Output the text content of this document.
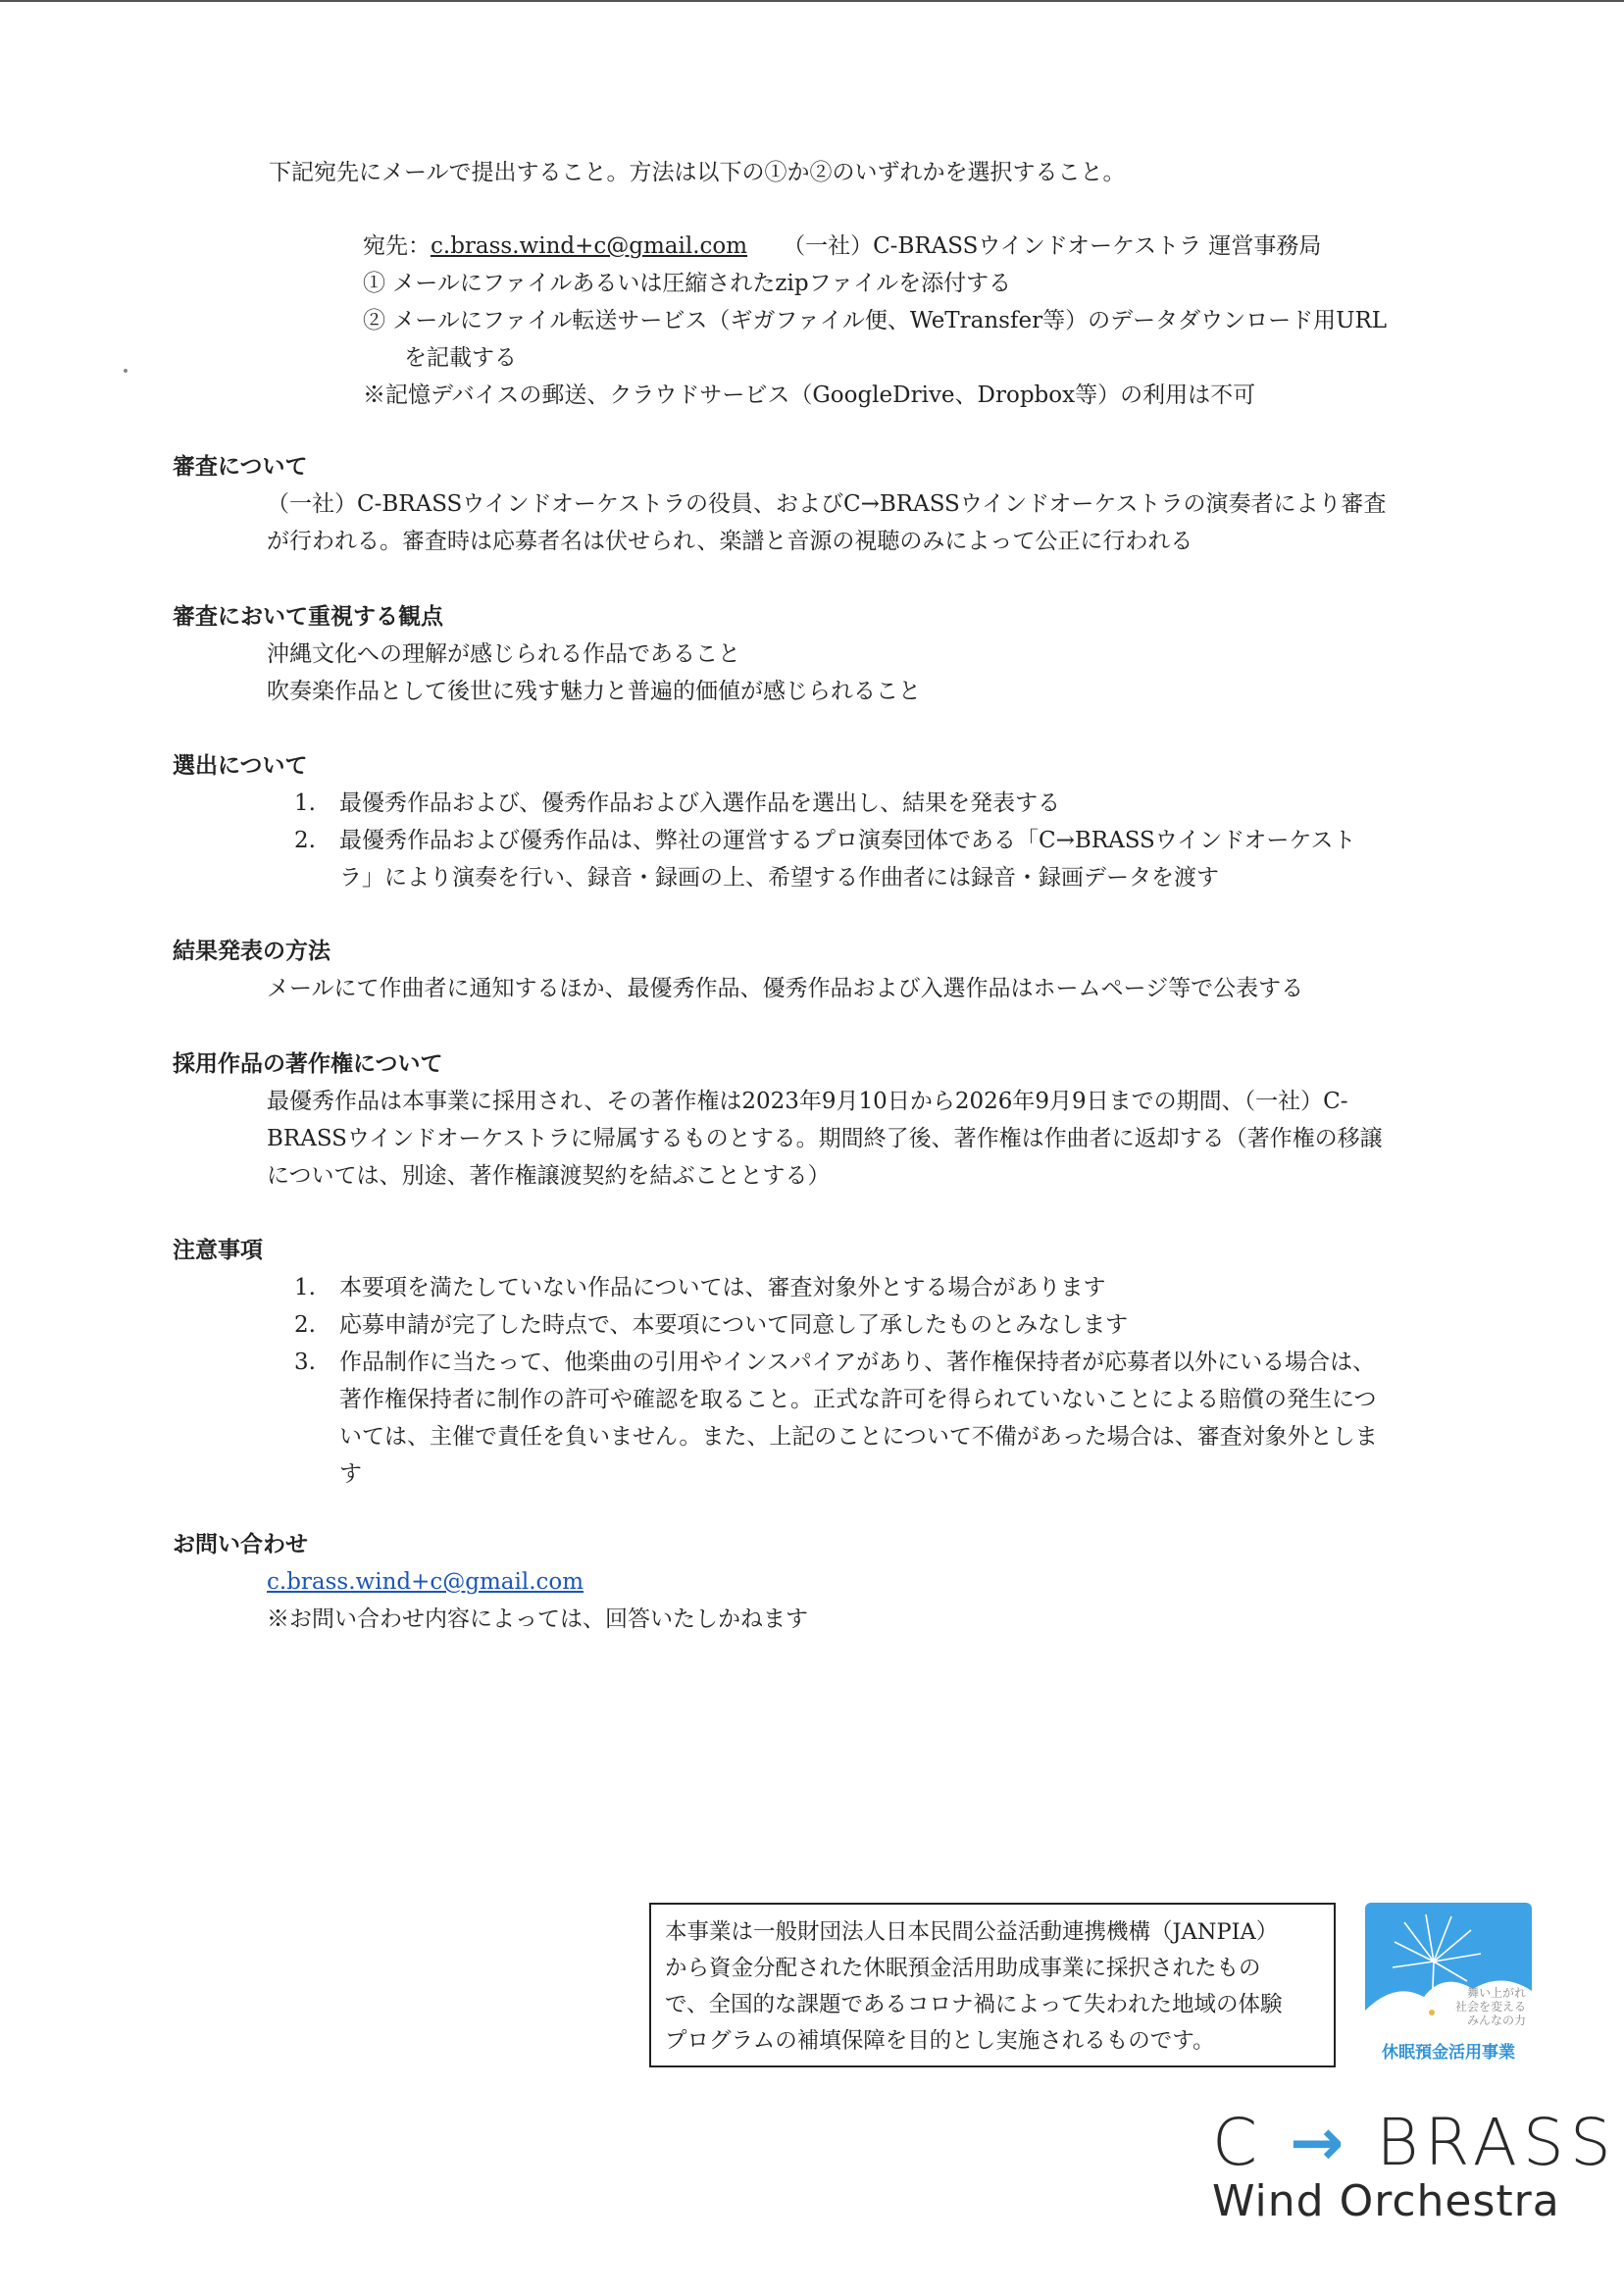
下記宛先にメールで提出すること。方法は以下の①か②のいずれかを選択すること。
宛先：c.brass.wind+c@gmail.com （一社）C-BRASSウインドオーケストラ 運営事務局
① メールにファイルあるいは圧縮されたzipファイルを添付する
② メールにファイル転送サービス（ギガファイル便、WeTransfer等）のデータダウンロード用URL
を記載する
※記憶デバイスの郵送、クラウドサービス（GoogleDrive、Dropbox等）の利用は不可
審査について
（一社）C-BRASSウインドオーケストラの役員、およびC→BRASSウインドオーケストラの演奏者により審査
が行われる。審査時は応募者名は伏せられ、楽譜と音源の視聴のみによって公正に行われる
審査において重視する観点
沖縄文化への理解が感じられる作品であること
吹奏楽作品として後世に残す魅力と普遍的価値が感じられること
選出について
1. 最優秀作品および、優秀作品および入選作品を選出し、結果を発表する
2. 最優秀作品および優秀作品は、弊社の運営するプロ演奏団体である「C→BRASSウインドオーケスト
ラ」により演奏を行い、録音・録画の上、希望する作曲者には録音・録画データを渡す
結果発表の方法
メールにて作曲者に通知するほか、最優秀作品、優秀作品および入選作品はホームページ等で公表する
採用作品の著作権について
最優秀作品は本事業に採用され、その著作権は2023年9月10日から2026年9月9日までの期間、（一社）C-
BRASSウインドオーケストラに帰属するものとする。期間終了後、著作権は作曲者に返却する（著作権の移譲
については、別途、著作権譲渡契約を結ぶこととする）
注意事項
1. 本要項を満たしていない作品については、審査対象外とする場合があります
2. 応募申請が完了した時点で、本要項について同意し了承したものとみなします
3. 作品制作に当たって、他楽曲の引用やインスパイアがあり、著作権保持者が応募者以外にいる場合は、
著作権保持者に制作の許可や確認を取ること。正式な許可を得られていないことによる賠償の発生につ
いては、主催で責任を負いません。また、上記のことについて不備があった場合は、審査対象外としま
す
お問い合わせ
c.brass.wind+c@gmail.com
※お問い合わせ内容によっては、回答いたしかねます
本事業は一般財団法人日本民間公益活動連携機構（JANPIA）
から資金分配された休眠預金活用助成事業に採択されたもの
で、全国的な課題であるコロナ禍によって失われた地域の体験
プログラムの補填保障を目的とし実施されるものです。
舞い上がれ
社会を変える
みんなの力
休眠預金活用事業
C → BRASS
Wind Orchestra
